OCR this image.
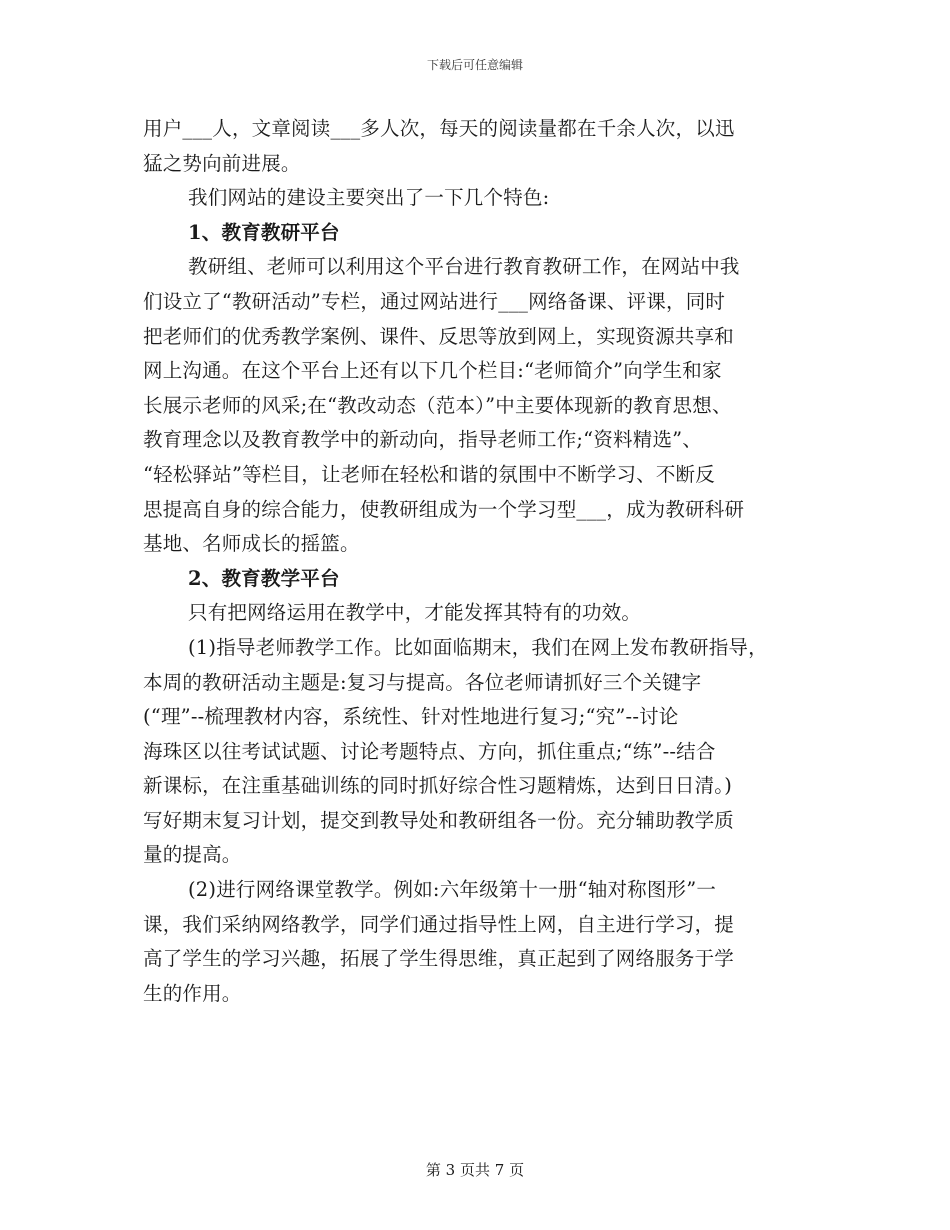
下载后可任意编辑
用户___人，文章阅读___多人次，每天的阅读量都在千余人次，以迅
猛之势向前进展。
我们网站的建设主要突出了一下几个特色:
1、教育教研平台
教研组、老师可以利用这个平台进行教育教研工作，在网站中我
们设立了“教研活动”专栏，通过网站进行___网络备课、评课，同时
把老师们的优秀教学案例、课件、反思等放到网上，实现资源共享和
网上沟通。在这个平台上还有以下几个栏目:“老师简介”向学生和家
长展示老师的风采;在“教改动态（范本）”中主要体现新的教育思想、
教育理念以及教育教学中的新动向，指导老师工作;“资料精选”、
“轻松驿站”等栏目，让老师在轻松和谐的氛围中不断学习、不断反
思提高自身的综合能力，使教研组成为一个学习型___，成为教研科研
基地、名师成长的摇篮。
2、教育教学平台
只有把网络运用在教学中，才能发挥其特有的功效。
(1)指导老师教学工作。比如面临期末，我们在网上发布教研指导，
本周的教研活动主题是:复习与提高。各位老师请抓好三个关键字
(“理”--梳理教材内容，系统性、针对性地进行复习;“究”--讨论
海珠区以往考试试题、讨论考题特点、方向，抓住重点;“练”--结合
新课标，在注重基础训练的同时抓好综合性习题精炼，达到日日清。)
写好期末复习计划，提交到教导处和教研组各一份。充分辅助教学质
量的提高。
(2)进行网络课堂教学。例如:六年级第十一册“轴对称图形”一
课，我们采纳网络教学，同学们通过指导性上网，自主进行学习，提
高了学生的学习兴趣，拓展了学生得思维，真正起到了网络服务于学
生的作用。
第 3 页共 7 页
